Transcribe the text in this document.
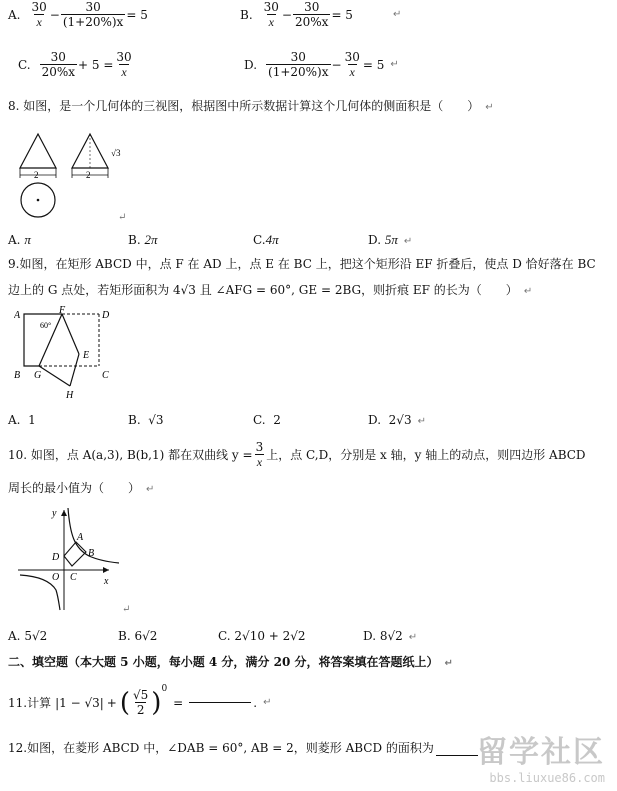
A. $\frac{30}{x} - \frac{30}{(1+20\%)x} = 5$	B. $\frac{30}{x} - \frac{30}{20\%x} = 5$	↵
C. $\frac{30}{20\%x} + 5 = \frac{30}{x}$	D. $\frac{30}{(1+20\%)x} - \frac{30}{x} = 5$ ↵
8. 如图，是一个几何体的三视图，根据图中所示数据计算这个几何体的侧面积是（　　） ↵
2	2
√3
↵
A. π	B. 2π	C.4π	D. 5π ↵
9.如图，在矩形 ABCD 中，点 F 在 AD 上，点 E 在 BC 上，把这个矩形沿 EF 折叠后，使点 D 恰好落在 BC
边上的 G 点处，若矩形面积为 4√3 且 ∠AFG = 60°, GE = 2BG，则折痕 EF 的长为（　　） ↵
A	F	D
60°
B G	C
E
H
A. 1	B. √3	C. 2	D. 2√3 ↵
10. 如图，点 A(a,3), B(b,1) 都在双曲线 $y = \frac{3}{x}$ 上，点 C,D，分别是 x 轴，y 轴上的动点，则四边形 ABCD
周长的最小值为（　　） ↵
y
x
A
B
C
D
O
↵
A. 5√2	B. 6√2	C. 2√10 + 2√2	D. 8√2 ↵
二、填空题（本大题 5 小题，每小题 4 分，满分 20 分，将答案填在答题纸上） ↵
11.计算 |1 − √3| + ( $\frac{√5}{2}$ ) 0
=	. ↵
12.如图，在菱形 ABCD 中，∠DAB = 60°, AB = 2，则菱形 ABCD 的面积为	留学社区
bbs.liuxue86.com
